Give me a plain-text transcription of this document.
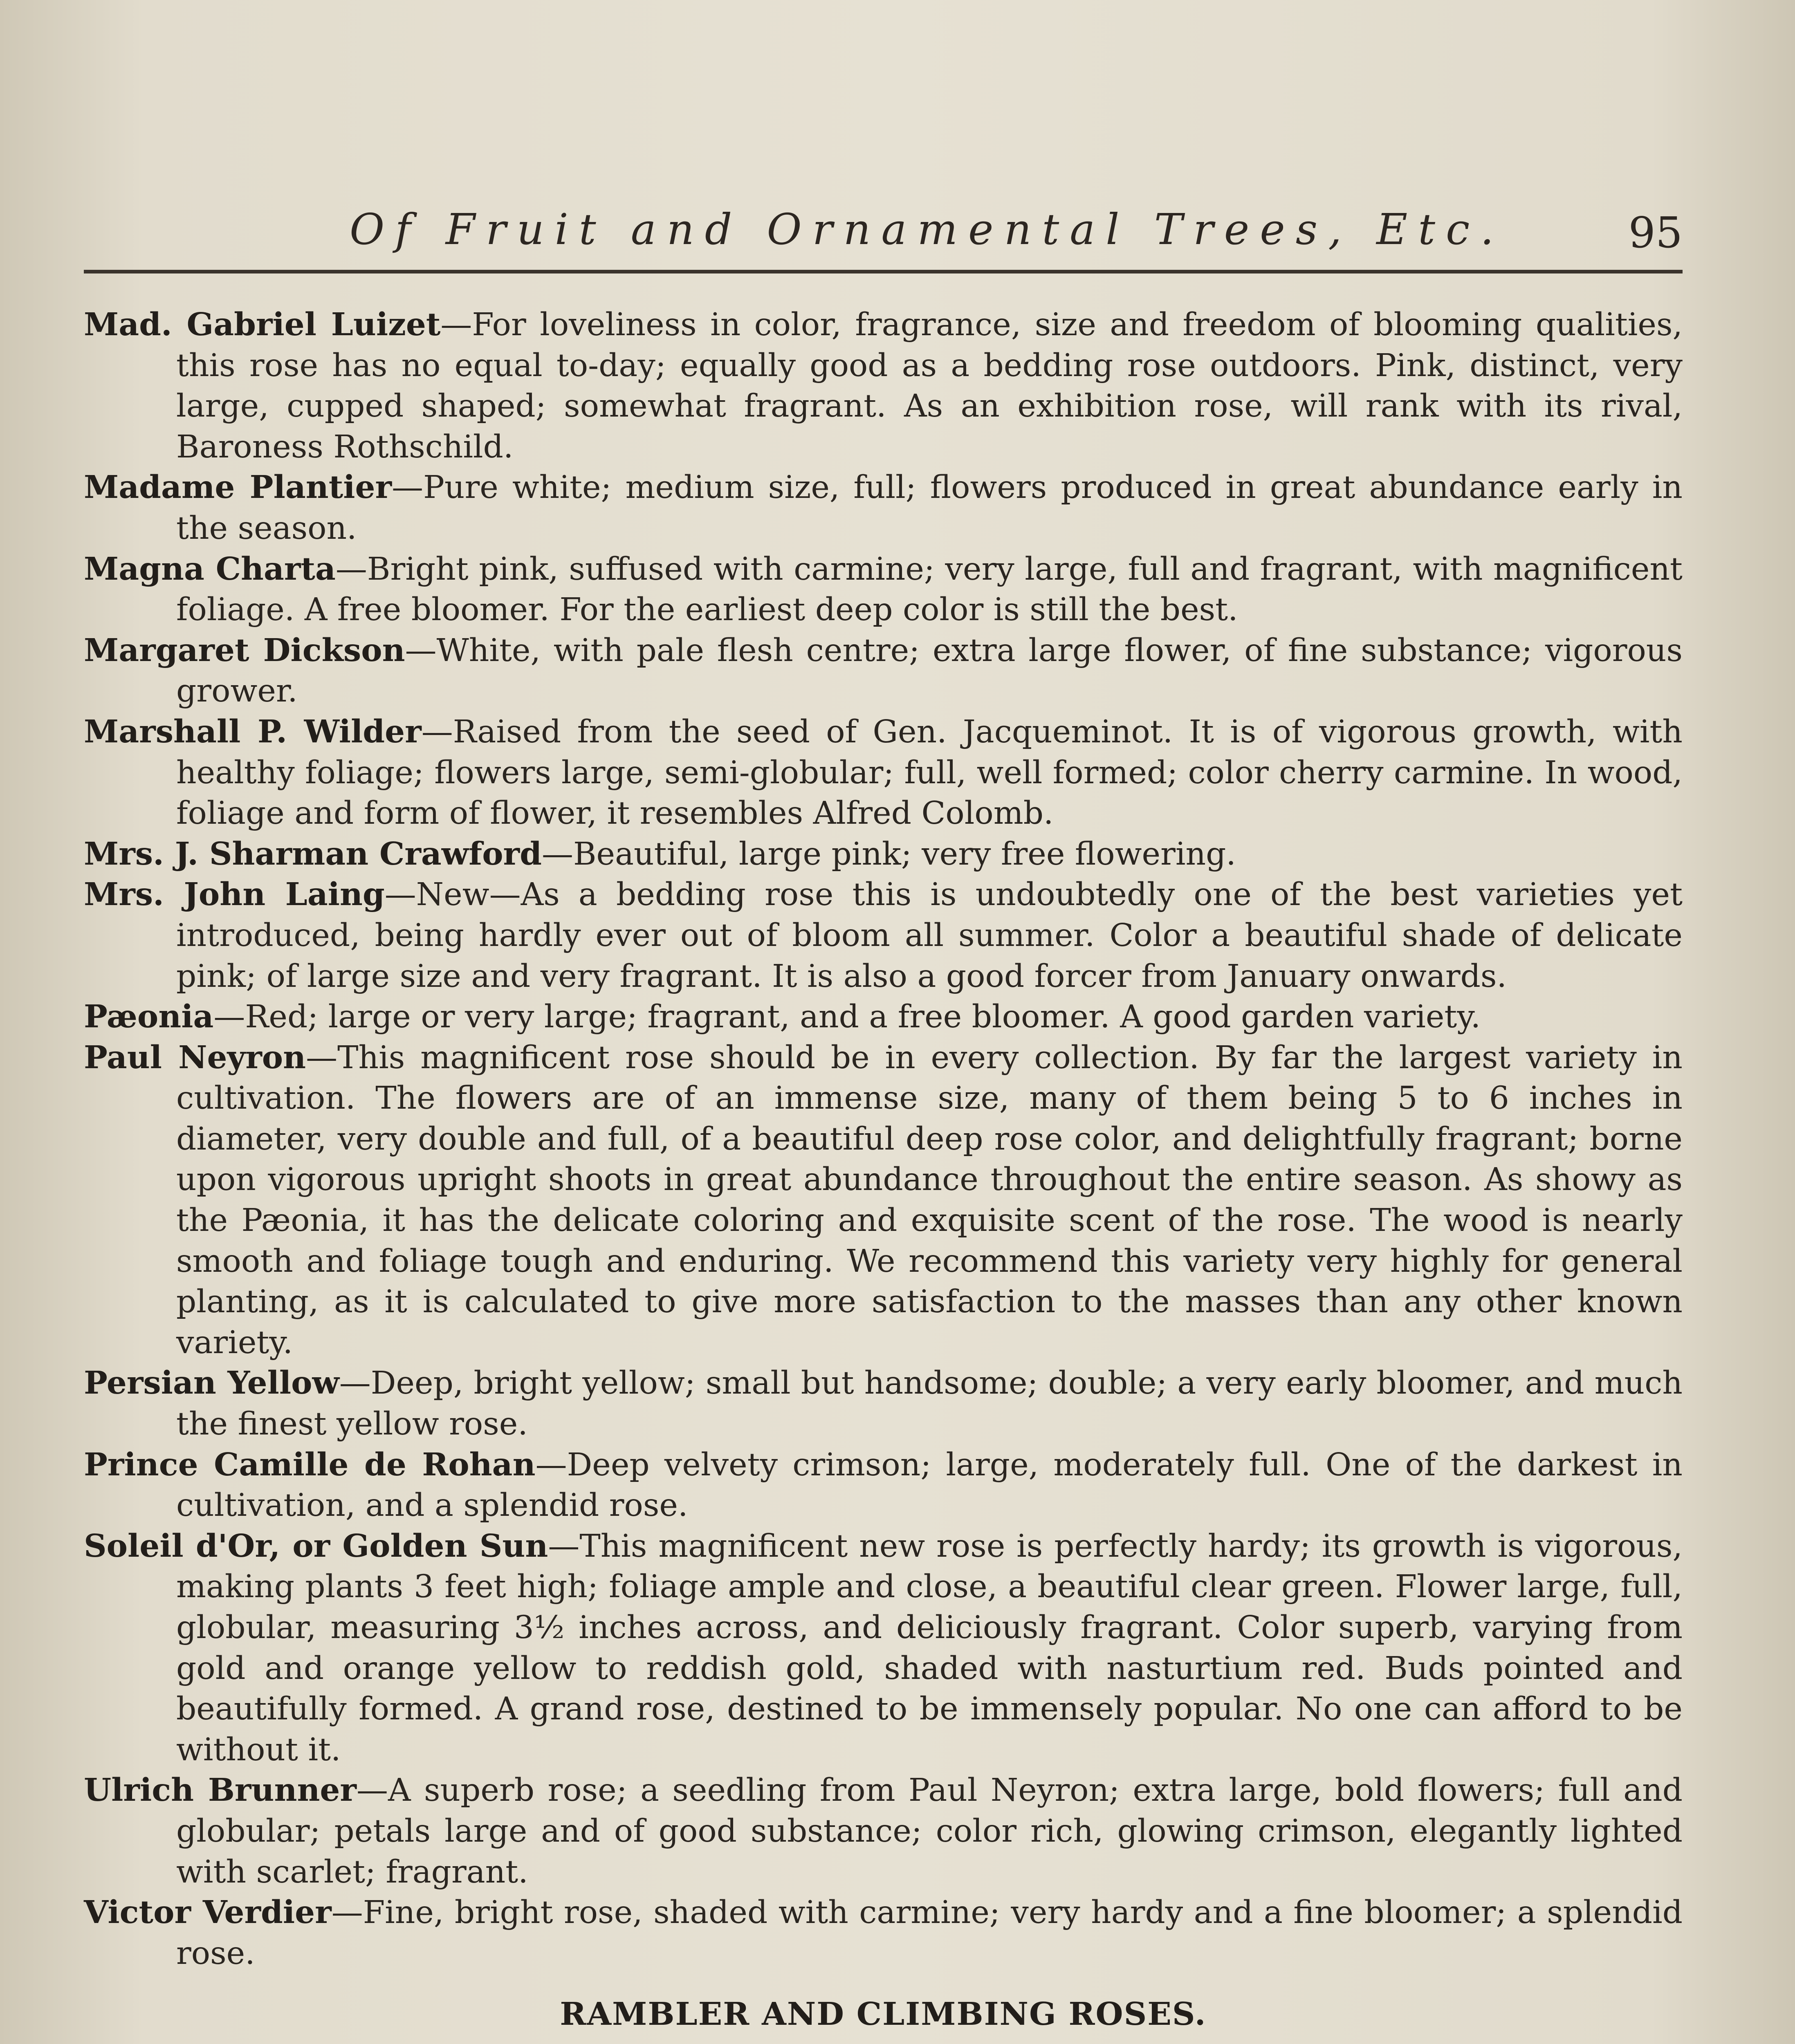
Of Fruit and Ornamental Trees, Etc.	95

Mad. Gabriel Luizet—For loveliness in color, fragrance, size and freedom of blooming qualities, this rose has no equal to-day; equally good as a bedding rose outdoors. Pink, distinct, very large, cupped shaped; somewhat fragrant. As an exhibition rose, will rank with its rival, Baroness Rothschild.

Madame Plantier—Pure white; medium size, full; flowers produced in great abundance early in the season.

Magna Charta—Bright pink, suffused with carmine; very large, full and fragrant, with magnificent foliage. A free bloomer. For the earliest deep color is still the best.

Margaret Dickson—White, with pale flesh centre; extra large flower, of fine substance; vigorous grower.

Marshall P. Wilder—Raised from the seed of Gen. Jacqueminot. It is of vigorous growth, with healthy foliage; flowers large, semi-globular; full, well formed; color cherry carmine. In wood, foliage and form of flower, it resembles Alfred Colomb.

Mrs. J. Sharman Crawford—Beautiful, large pink; very free flowering.

Mrs. John Laing—New—As a bedding rose this is undoubtedly one of the best varieties yet introduced, being hardly ever out of bloom all summer. Color a beautiful shade of delicate pink; of large size and very fragrant. It is also a good forcer from January onwards.

Pæonia—Red; large or very large; fragrant, and a free bloomer. A good garden variety.

Paul Neyron—This magnificent rose should be in every collection. By far the largest variety in cultivation. The flowers are of an immense size, many of them being 5 to 6 inches in diameter, very double and full, of a beautiful deep rose color, and delightfully fragrant; borne upon vigorous upright shoots in great abundance throughout the entire season. As showy as the Pæonia, it has the delicate coloring and exquisite scent of the rose. The wood is nearly smooth and foliage tough and enduring. We recommend this variety very highly for general planting, as it is calculated to give more satisfaction to the masses than any other known variety.

Persian Yellow—Deep, bright yellow; small but handsome; double; a very early bloomer, and much the finest yellow rose.

Prince Camille de Rohan—Deep velvety crimson; large, moderately full. One of the darkest in cultivation, and a splendid rose.

Soleil d'Or, or Golden Sun—This magnificent new rose is perfectly hardy; its growth is vigorous, making plants 3 feet high; foliage ample and close, a beautiful clear green. Flower large, full, globular, measuring 3½ inches across, and deliciously fragrant. Color superb, varying from gold and orange yellow to reddish gold, shaded with nasturtium red. Buds pointed and beautifully formed. A grand rose, destined to be immensely popular. No one can afford to be without it.

Ulrich Brunner—A superb rose; a seedling from Paul Neyron; extra large, bold flowers; full and globular; petals large and of good substance; color rich, glowing crimson, elegantly lighted with scarlet; fragrant.

Victor Verdier—Fine, bright rose, shaded with carmine; very hardy and a fine bloomer; a splendid rose.

RAMBLER AND CLIMBING ROSES.
